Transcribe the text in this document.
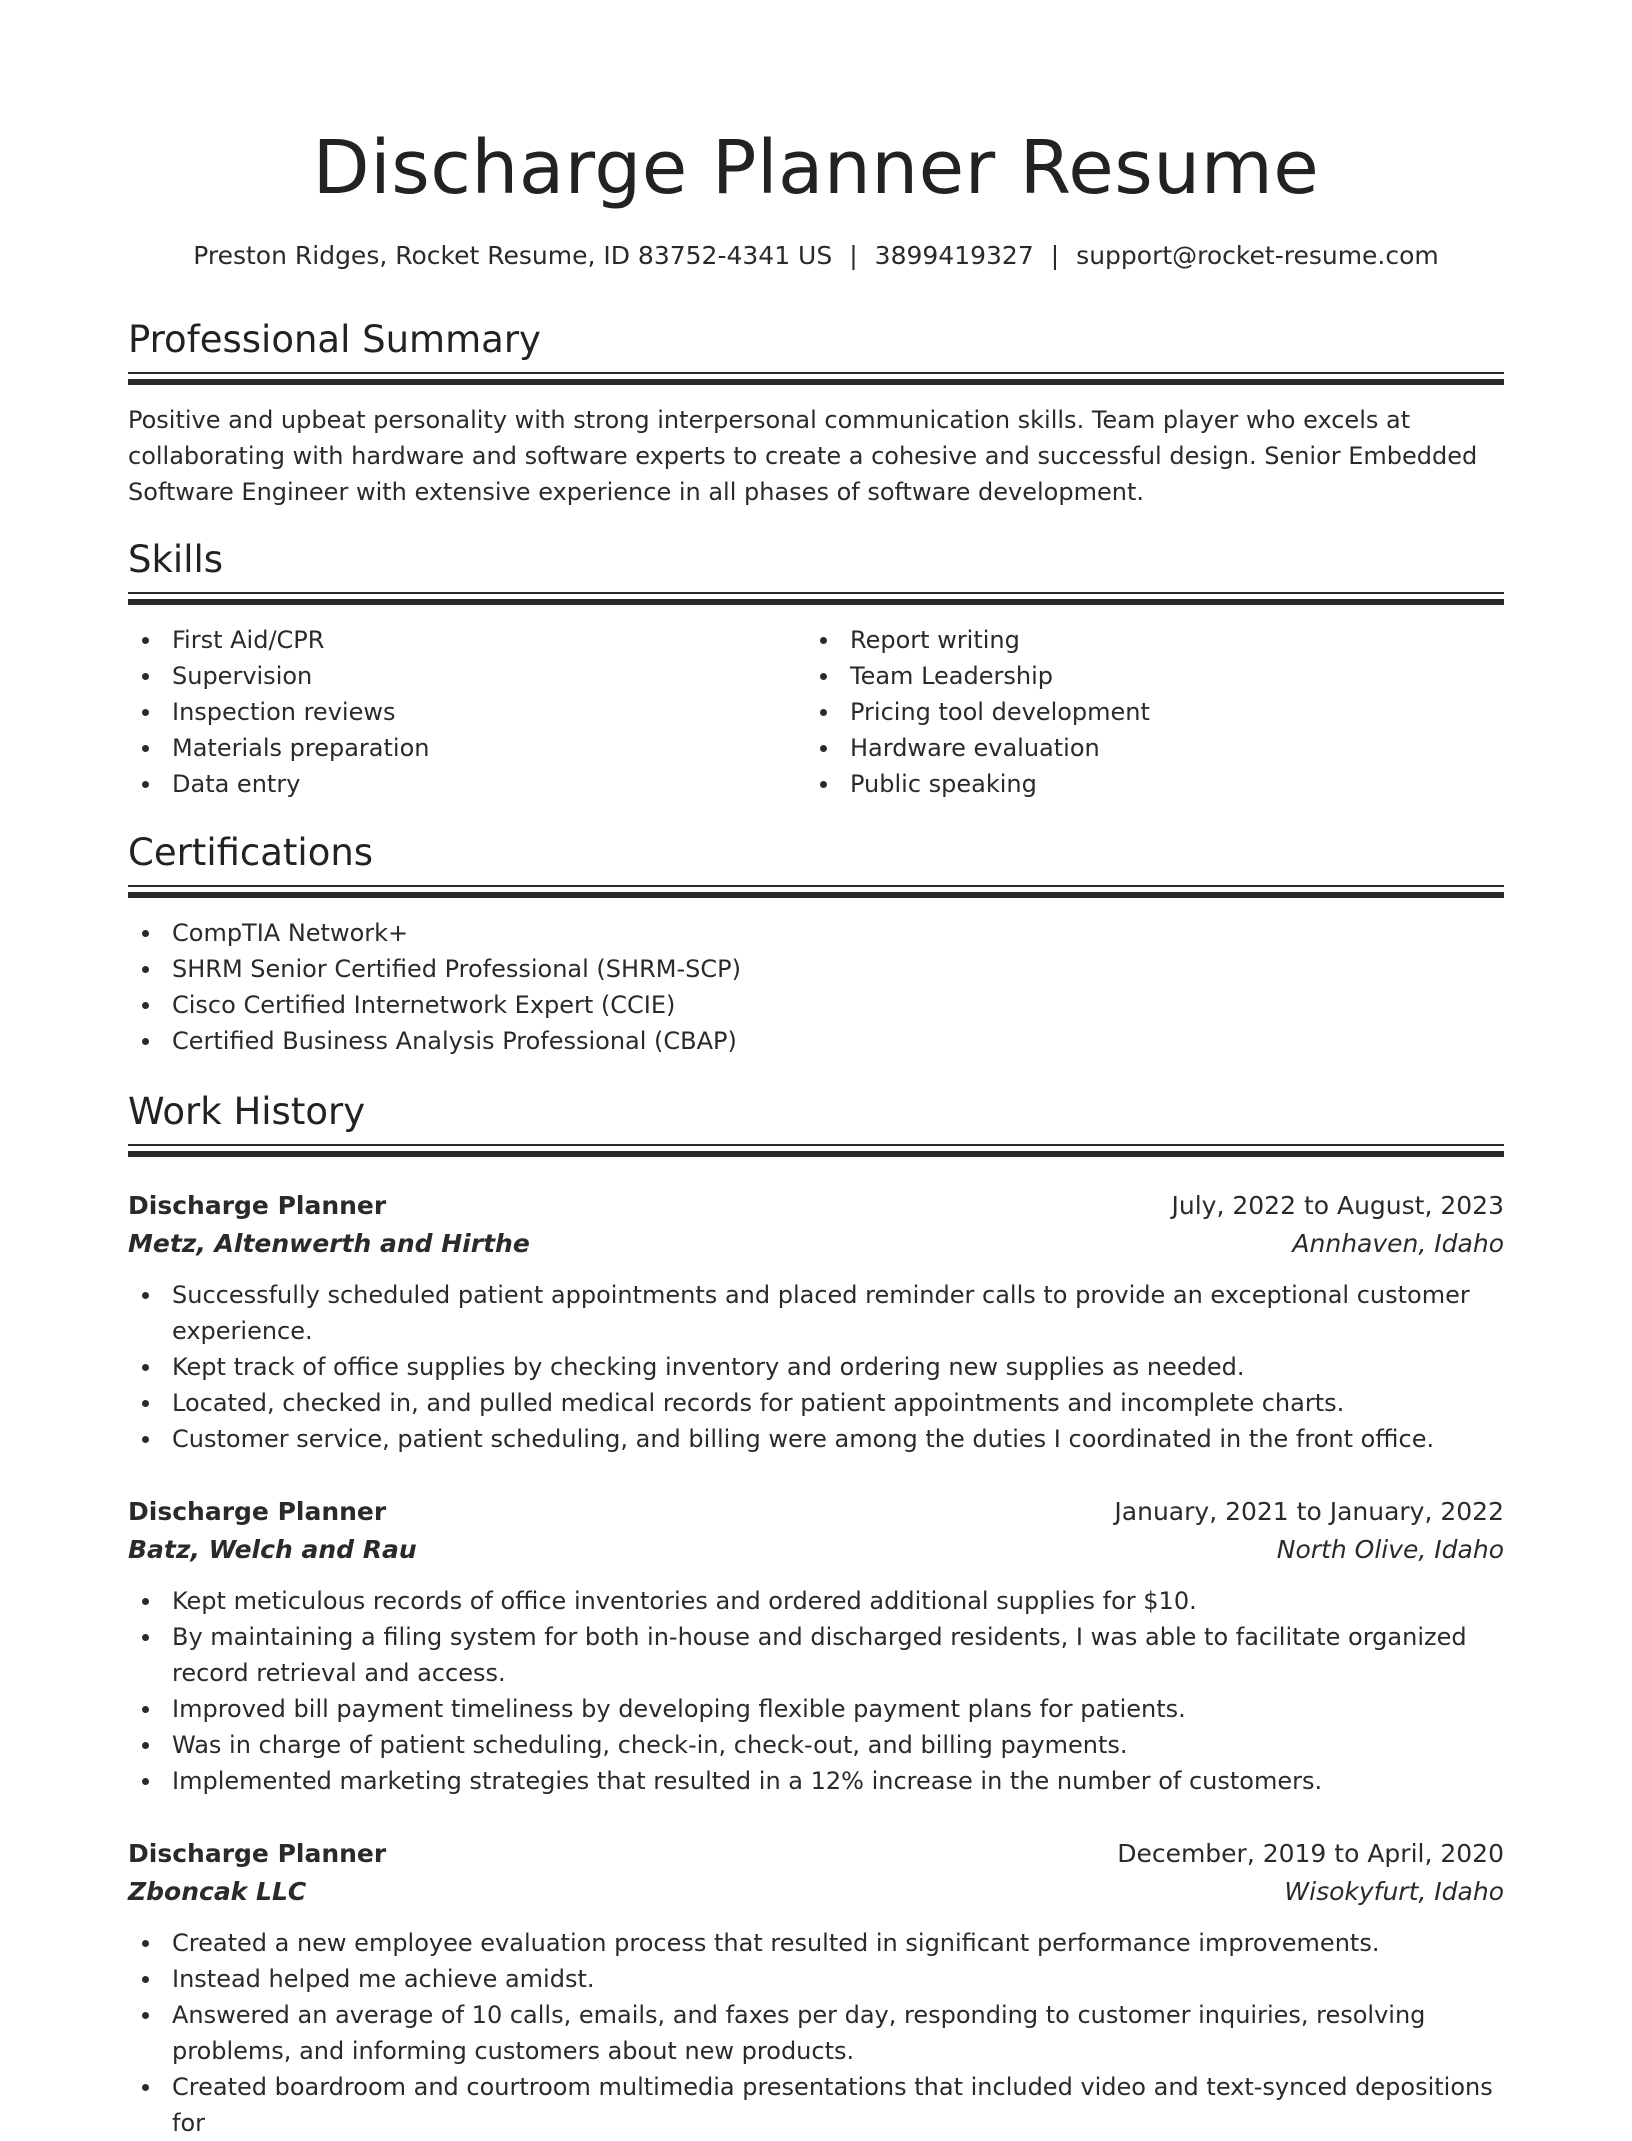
Discharge Planner Resume
Preston Ridges, Rocket Resume, ID 83752-4341 US | 3899419327 | support@rocket-resume.com
Professional Summary
Positive and upbeat personality with strong interpersonal communication skills. Team player who excels at collaborating with hardware and software experts to create a cohesive and successful design. Senior Embedded Software Engineer with extensive experience in all phases of software development.
Skills
First Aid/CPR
Supervision
Inspection reviews
Materials preparation
Data entry
Report writing
Team Leadership
Pricing tool development
Hardware evaluation
Public speaking
Certifications
CompTIA Network+
SHRM Senior Certified Professional (SHRM-SCP)
Cisco Certified Internetwork Expert (CCIE)
Certified Business Analysis Professional (CBAP)
Work History
Discharge Planner	July, 2022 to August, 2023
Metz, Altenwerth and Hirthe	Annhaven, Idaho
Successfully scheduled patient appointments and placed reminder calls to provide an exceptional customer experience.
Kept track of office supplies by checking inventory and ordering new supplies as needed.
Located, checked in, and pulled medical records for patient appointments and incomplete charts.
Customer service, patient scheduling, and billing were among the duties I coordinated in the front office.
Discharge Planner	January, 2021 to January, 2022
Batz, Welch and Rau	North Olive, Idaho
Kept meticulous records of office inventories and ordered additional supplies for $10.
By maintaining a filing system for both in-house and discharged residents, I was able to facilitate organized record retrieval and access.
Improved bill payment timeliness by developing flexible payment plans for patients.
Was in charge of patient scheduling, check-in, check-out, and billing payments.
Implemented marketing strategies that resulted in a 12% increase in the number of customers.
Discharge Planner	December, 2019 to April, 2020
Zboncak LLC	Wisokyfurt, Idaho
Created a new employee evaluation process that resulted in significant performance improvements.
Instead helped me achieve amidst.
Answered an average of 10 calls, emails, and faxes per day, responding to customer inquiries, resolving problems, and informing customers about new products.
Created boardroom and courtroom multimedia presentations that included video and text-synced depositions for
